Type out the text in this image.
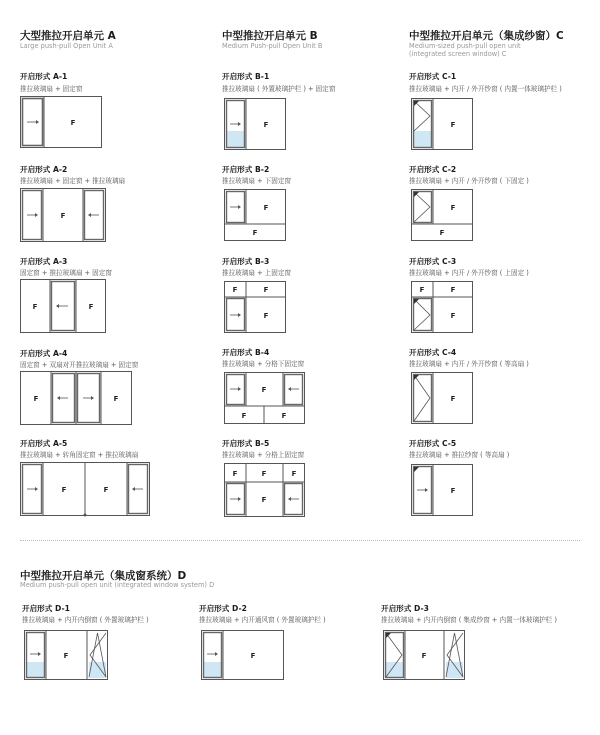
大型推拉开启单元 A
Large push-pull Open Unit A
中型推拉开启单元 B
Medium Push-pull Open Unit B
中型推拉开启单元（集成纱窗）C
Medium-sized push-pull open unit
(integrated screen window) C
中型推拉开启单元（集成窗系统）D
Medium push-pull open unit (integrated window system) D
开启形式 A-1
推拉玻璃扇 + 固定窗
F
开启形式 A-2
推拉玻璃扇 + 固定窗 + 推拉玻璃扇
F
开启形式 A-3
固定窗 + 推拉玻璃扇 + 固定窗
F	F
开启形式 A-4
固定窗 + 双扇对开推拉玻璃扇 + 固定窗
F	F
开启形式 A-5
推拉玻璃扇 + 转角固定窗 + 推拉玻璃扇
F	F
开启形式 B-1
推拉玻璃扇 ( 外置玻璃护栏 ) + 固定窗
F
开启形式 B-2
推拉玻璃扇 + 下固定窗
F
F
开启形式 B-3
推拉玻璃扇 + 上固定窗
F	F
F
开启形式 B-4
推拉玻璃扇 + 分格下固定窗
F
F	F
开启形式 B-5
推拉玻璃扇 + 分格上固定窗
F	F	F
F
开启形式 C-1
推拉玻璃扇 + 内开 / 外开纱窗 ( 内置一体玻璃护栏 )
F
开启形式 C-2
推拉玻璃扇 + 内开 / 外开纱窗 ( 下固定 )
F
F
开启形式 C-3
推拉玻璃扇 + 内开 / 外开纱窗 ( 上固定 )
F	F
F
开启形式 C-4
推拉玻璃扇 + 内开 / 外开纱窗 ( 等高扇 )
F
开启形式 C-5
推拉玻璃扇 + 推拉纱窗 ( 等高扇 )
F
开启形式 D-1
推拉玻璃扇 + 内开内倒窗 ( 外置玻璃护栏 )
F
开启形式 D-2
推拉玻璃扇 + 内开通风窗 ( 外置玻璃护栏 )
F
开启形式 D-3
推拉玻璃扇 + 内开内倒窗 ( 集成纱窗 + 内置一体玻璃护栏 )
F
